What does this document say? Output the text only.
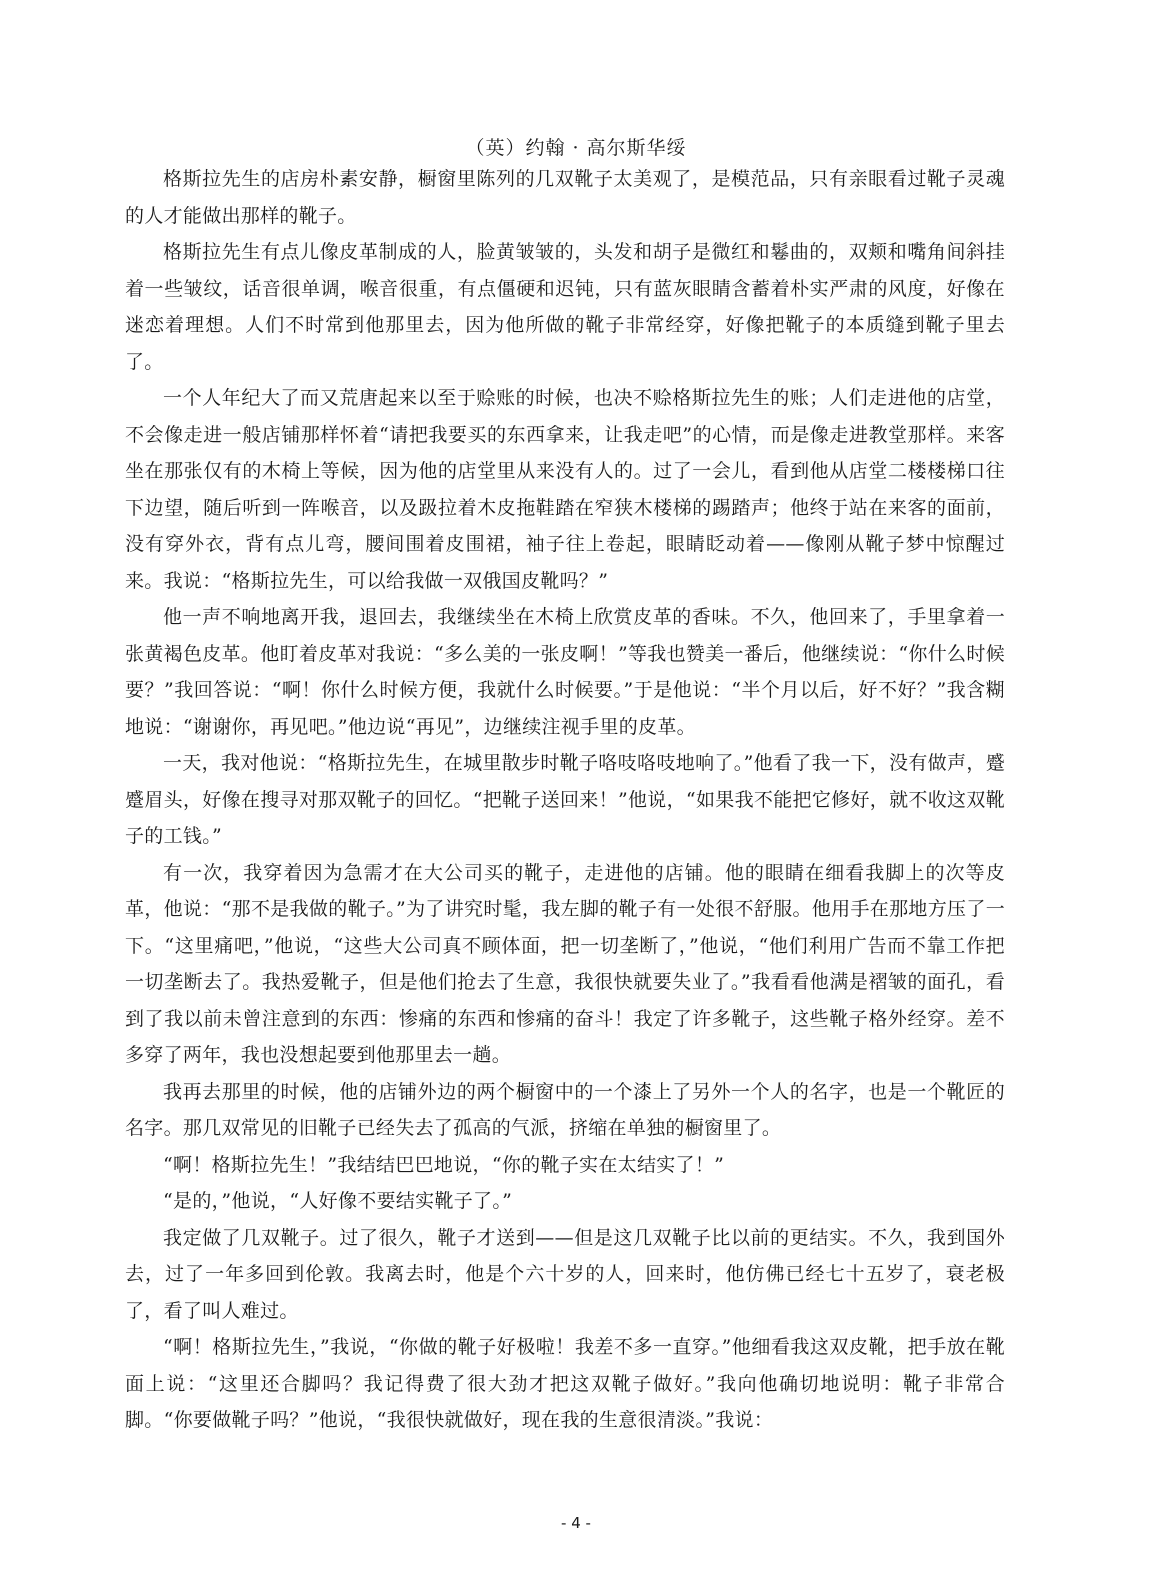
（英）约翰 · 高尔斯华绥

格斯拉先生的店房朴素安静，橱窗里陈列的几双靴子太美观了，是模范品，只有亲眼看过靴子灵魂的人才能做出那样的靴子。

格斯拉先生有点儿像皮革制成的人，脸黄皱皱的，头发和胡子是微红和鬈曲的，双颊和嘴角间斜挂着一些皱纹，话音很单调，喉音很重，有点僵硬和迟钝，只有蓝灰眼睛含蓄着朴实严肃的风度，好像在迷恋着理想。人们不时常到他那里去，因为他所做的靴子非常经穿，好像把靴子的本质缝到靴子里去了。

一个人年纪大了而又荒唐起来以至于赊账的时候，也决不赊格斯拉先生的账；人们走进他的店堂，不会像走进一般店铺那样怀着“请把我要买的东西拿来，让我走吧”的心情，而是像走进教堂那样。来客坐在那张仅有的木椅上等候，因为他的店堂里从来没有人的。过了一会儿，看到他从店堂二楼楼梯口往下边望，随后听到一阵喉音，以及趿拉着木皮拖鞋踏在窄狭木楼梯的踢踏声；他终于站在来客的面前，没有穿外衣，背有点儿弯，腰间围着皮围裙，袖子往上卷起，眼睛眨动着——像刚从靴子梦中惊醒过来。我说：“格斯拉先生，可以给我做一双俄国皮靴吗？”

他一声不响地离开我，退回去，我继续坐在木椅上欣赏皮革的香味。不久，他回来了，手里拿着一张黄褐色皮革。他盯着皮革对我说：“多么美的一张皮啊！”等我也赞美一番后，他继续说：“你什么时候要？”我回答说：“啊！你什么时候方便，我就什么时候要。”于是他说：“半个月以后，好不好？”我含糊地说：“谢谢你，再见吧。”他边说“再见”，边继续注视手里的皮革。

一天，我对他说：“格斯拉先生，在城里散步时靴子咯吱咯吱地响了。”他看了我一下，没有做声，蹙蹙眉头，好像在搜寻对那双靴子的回忆。“把靴子送回来！”他说，“如果我不能把它修好，就不收这双靴子的工钱。”

有一次，我穿着因为急需才在大公司买的靴子，走进他的店铺。他的眼睛在细看我脚上的次等皮革，他说：“那不是我做的靴子。”为了讲究时髦，我左脚的靴子有一处很不舒服。他用手在那地方压了一下。“这里痛吧，”他说，“这些大公司真不顾体面，把一切垄断了，”他说，“他们利用广告而不靠工作把一切垄断去了。我热爱靴子，但是他们抢去了生意，我很快就要失业了。”我看看他满是褶皱的面孔，看到了我以前未曾注意到的东西：惨痛的东西和惨痛的奋斗！我定了许多靴子，这些靴子格外经穿。差不多穿了两年，我也没想起要到他那里去一趟。

我再去那里的时候，他的店铺外边的两个橱窗中的一个漆上了另外一个人的名字，也是一个靴匠的名字。那几双常见的旧靴子已经失去了孤高的气派，挤缩在单独的橱窗里了。

“啊！格斯拉先生！”我结结巴巴地说，“你的靴子实在太结实了！”

“是的，”他说，“人好像不要结实靴子了。”

我定做了几双靴子。过了很久，靴子才送到——但是这几双靴子比以前的更结实。不久，我到国外去，过了一年多回到伦敦。我离去时，他是个六十岁的人，回来时，他仿佛已经七十五岁了，衰老极了，看了叫人难过。

“啊！格斯拉先生，”我说，“你做的靴子好极啦！我差不多一直穿。”他细看我这双皮靴，把手放在靴面上说：“这里还合脚吗？我记得费了很大劲才把这双靴子做好。”我向他确切地说明：靴子非常合脚。“你要做靴子吗？”他说，“我很快就做好，现在我的生意很清淡。”我说：

- 4 -
